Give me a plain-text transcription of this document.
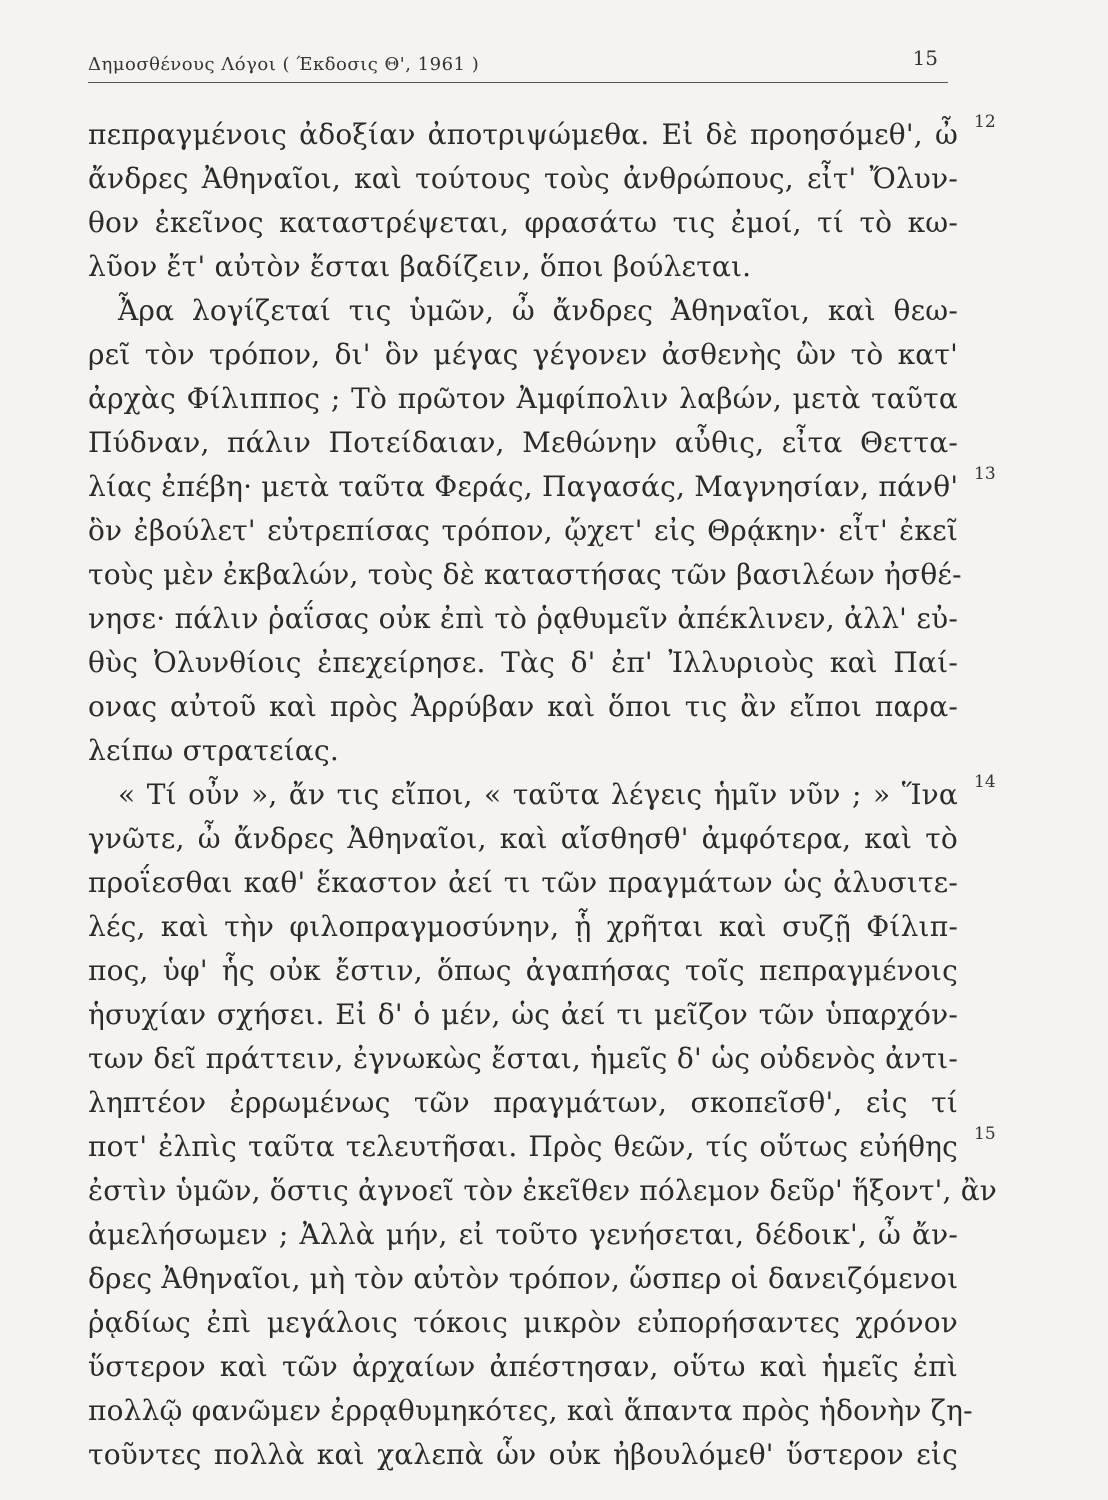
Δημοσθένους Λόγοι ( Έκδοσις Θ', 1961 )	15
πεπραγμένοις ἀδοξίαν ἀποτριψώμεθα. Εἰ δὲ προησόμεθ', ὦ
ἄνδρες Ἀθηναῖοι, καὶ τούτους τοὺς ἀνθρώπους, εἶτ' Ὄλυν-
θον ἐκεῖνος καταστρέψεται, φρασάτω τις ἐμοί, τί τὸ κω-
λῦον ἔτ' αὐτὸν ἔσται βαδίζειν, ὅποι βούλεται.
Ἆρα λογίζεταί τις ὑμῶν, ὦ ἄνδρες Ἀθηναῖοι, καὶ θεω-
ρεῖ τὸν τρόπον, δι' ὃν μέγας γέγονεν ἀσθενὴς ὢν τὸ κατ'
ἀρχὰς Φίλιππος ; Τὸ πρῶτον Ἀμφίπολιν λαβών, μετὰ ταῦτα
Πύδναν, πάλιν Ποτείδαιαν, Μεθώνην αὖθις, εἶτα Θεττα-
λίας ἐπέβη· μετὰ ταῦτα Φεράς, Παγασάς, Μαγνησίαν, πάνθ'
ὃν ἐβούλετ' εὐτρεπίσας τρόπον, ᾤχετ' εἰς Θρᾴκην· εἶτ' ἐκεῖ
τοὺς μὲν ἐκβαλών, τοὺς δὲ καταστήσας τῶν βασιλέων ἠσθέ-
νησε· πάλιν ῥαΐσας οὐκ ἐπὶ τὸ ῥᾳθυμεῖν ἀπέκλινεν, ἀλλ' εὐ-
θὺς Ὀλυνθίοις ἐπεχείρησε. Τὰς δ' ἐπ' Ἰλλυριοὺς καὶ Παί-
ονας αὐτοῦ καὶ πρὸς Ἀρρύβαν καὶ ὅποι τις ἂν εἴποι παρα-
λείπω στρατείας.
« Τί οὖν », ἄν τις εἴποι, « ταῦτα λέγεις ἡμῖν νῦν ; » Ἵνα
γνῶτε, ὦ ἄνδρες Ἀθηναῖοι, καὶ αἴσθησθ' ἀμφότερα, καὶ τὸ
προΐεσθαι καθ' ἕκαστον ἀεί τι τῶν πραγμάτων ὡς ἀλυσιτε-
λές, καὶ τὴν φιλοπραγμοσύνην, ᾗ χρῆται καὶ συζῇ Φίλιπ-
πος, ὑφ' ἧς οὐκ ἔστιν, ὅπως ἀγαπήσας τοῖς πεπραγμένοις
ἡσυχίαν σχήσει. Εἰ δ' ὁ μέν, ὡς ἀεί τι μεῖζον τῶν ὑπαρχόν-
των δεῖ πράττειν, ἐγνωκὼς ἔσται, ἡμεῖς δ' ὡς οὐδενὸς ἀντι-
ληπτέον ἐρρωμένως τῶν πραγμάτων, σκοπεῖσθ', εἰς τί
ποτ' ἐλπὶς ταῦτα τελευτῆσαι. Πρὸς θεῶν, τίς οὕτως εὐήθης
ἐστὶν ὑμῶν, ὅστις ἀγνοεῖ τὸν ἐκεῖθεν πόλεμον δεῦρ' ἥξοντ', ἂν
ἀμελήσωμεν ; Ἀλλὰ μήν, εἰ τοῦτο γενήσεται, δέδοικ', ὦ ἄν-
δρες Ἀθηναῖοι, μὴ τὸν αὐτὸν τρόπον, ὥσπερ οἱ δανειζόμενοι
ῥᾳδίως ἐπὶ μεγάλοις τόκοις μικρὸν εὐπορήσαντες χρόνον
ὕστερον καὶ τῶν ἀρχαίων ἀπέστησαν, οὕτω καὶ ἡμεῖς ἐπὶ
πολλῷ φανῶμεν ἐρρᾳθυμηκότες, καὶ ἅπαντα πρὸς ἡδονὴν ζη-
τοῦντες πολλὰ καὶ χαλεπὰ ὧν οὐκ ἠβουλόμεθ' ὕστερον εἰς
12
13
14
15
